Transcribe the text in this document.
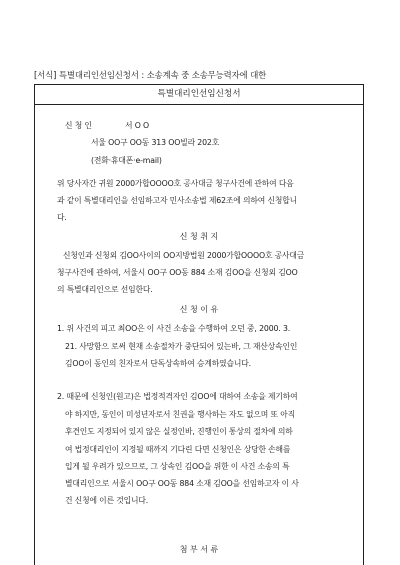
[서식] 특별대리인선임신청서 : 소송계속 중 소송무능력자에 대한
특별대리인선임신청서
신 청 인	서 O O
서울 OO구 OO동 313 OO빌라 202호
(전화·휴대폰·e-mail)
위 당사자간 귀원 2000가합OOOO호 공사대금 청구사건에 관하여 다음
과 같이 특별대리인을 선임하고자 민사소송법 제62조에 의하여 신청합니
다.
신 청 취 지
신청인과 신청외 김OO사이의 OO지방법원 2000가합OOOO호 공사대금
청구사건에 관하여, 서울시 OO구 OO동 884 소재 김OO을 신청외 김OO
의 특별대리인으로 선임한다.
신 청 이 유
1. 위 사건의 피고 최OO은 이 사건 소송을 수행하여 오던 중, 2000. 3.
21. 사망함으 로써 현재 소송절차가 중단되어 있는바, 그 재산상속인인
김OO이 동인의 친자로서 단독상속하여 승계하였습니다.
2. 때문에 신청인(원고)은 법정적격자인 김OO에 대하여 소송을 제기하여
야 하지만, 동인이 미성년자로서 친권을 행사하는 자도 없으며 또 아직
후견인도 지정되어 있지 않은 실정인바, 진행인이 통상의 절차에 의하
여 법정대리인이 지정될 때까지 기다린 다면 신청인은 상당한 손해를
입게 될 우려가 있으므로, 그 상속인 김OO을 위한 이 사건 소송의 특
별대리인으로 서울시 OO구 OO동 884 소재 김OO을 선임하고자 이 사
건 신청에 이른 것입니다.
첨 부 서 류
